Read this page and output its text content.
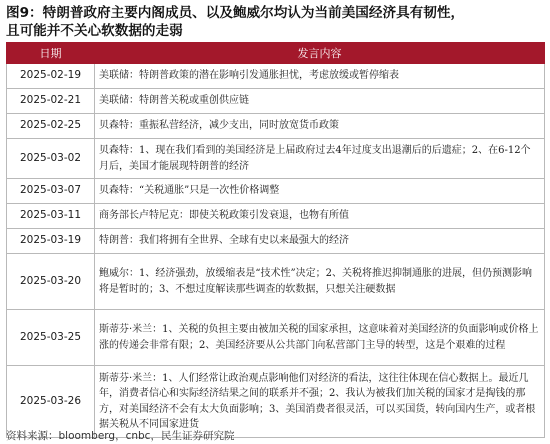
图9：特朗普政府主要内阁成员、以及鲍威尔均认为当前美国经济具有韧性，
且可能并不关心软数据的走弱
日期	发言内容
2025-02-19	美联储：特朗普政策的潜在影响引发通胀担忧，考虑放缓或暂停缩表
2025-02-21	美联储：特朗普关税或重创供应链
2025-02-25	贝森特：重振私营经济，减少支出，同时放宽货币政策
2025-03-02	贝森特：1、现在我们看到的美国经济是上届政府过去4年过度支出退潮后的后遗症；2、在6-12个月后，美国才能展现特朗普的经济
2025-03-07	贝森特：“关税通胀”只是一次性价格调整
2025-03-11	商务部长卢特尼克：即使关税政策引发衰退，也物有所值
2025-03-19	特朗普：我们将拥有全世界、全球有史以来最强大的经济
2025-03-20	鲍威尔：1、经济强劲，放缓缩表是“技术性”决定；2、关税将推迟抑制通胀的进展，但仍预测影响将是暂时的；3、不想过度解读那些调查的软数据，只想关注硬数据
2025-03-25	斯蒂芬·米兰：1、关税的负担主要由被加关税的国家承担，这意味着对美国经济的负面影响或价格上涨的传递会非常有限；2、美国经济要从公共部门向私营部门主导的转型，这是个艰难的过程
2025-03-26	斯蒂芬·米兰：1、人们经常让政治观点影响他们对经济的看法，这往往体现在信心数据上。最近几年，消费者信心和实际经济结果之间的联系并不强；2、我认为被我们加关税的国家才是掏钱的那方，对美国经济不会有太大负面影响；3、美国消费者很灵活，可以买国货，转向国内生产，或者根据关税从不同国家进货
资料来源：bloomberg，cnbc，民生证券研究院
